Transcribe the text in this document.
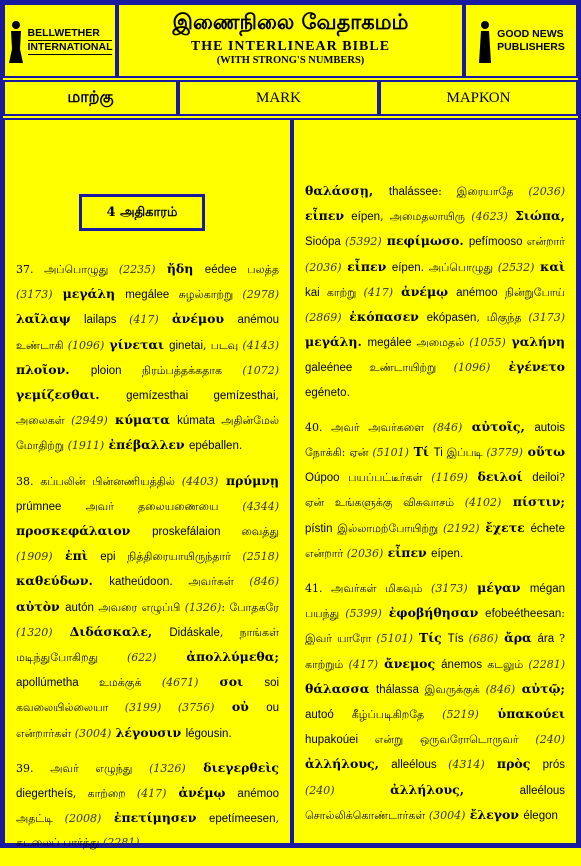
BELLWETHER
INTERNATIONAL
இணைநிலை வேதாகமம்
THE INTERLINEAR BIBLE
(WITH STRONG'S NUMBERS)
GOOD NEWS
PUBLISHERS
மாற்கு	MARK	ΜΑΡΚΟΝ
4 அதிகாரம்

37. அப்பொழுது (2235) ἤδη eédee பலத்த (3173) μεγάλη megálee சுழல்காற்று (2978) λαῖλαψ lailaps (417) ἀνέμου anémou உண்டாகி (1096) γίνεται ginetai, படவு (4143) πλοῖον. ploion நிரம்பத்தக்கதாக (1072) γεμίζεσθαι. gemízesthai gemízesthai, அலைகள் (2949) κύματα kúmata அதின்மேல் மோதிற்று (1911) ἐπέβαλλεν epéballen.

38. கப்பலின் பின்னணியத்தில் (4403) πρύμνῃ prúmnee அவர் தலையணையை (4344) προσκεφάλαιον proskefálaion வைத்து (1909) ἐπὶ epi நித்திரையாயிருந்தார் (2518) καθεύδων. katheúdoon. அவர்கள் (846) αὐτὸν autón அவரை எழுப்பி (1326): போதகரே (1320) Διδάσκαλε, Didáskale, நாங்கள் மடிந்துபோகிறது (622) ἀπολλύμεθα; apollúmetha உமக்குக் (4671) σοι soi கவலையில்லையா (3199) (3756) οὐ ou என்றார்கள் (3004) λέγουσιν légousin.

39. அவர் எழுந்து (1326) διεγερθεὶς diegertheís, காற்றை (417) ἀνέμῳ anémoo அதட்டி (2008) ἐπετίμησεν epetímeesen, கடலைப் பார்த்து (2281)

θαλάσσῃ, thalássee: இரையாதே (2036) εἶπεν eípen, அமைதலாயிரு (4623) Σιώπα, Sioópa (5392) πεφίμωσο. pefímooso என்றார் (2036) εἶπεν eípen. அப்பொழுது (2532) καὶ kai காற்று (417) ἀνέμῳ anémoo நின்றுபோய் (2869) ἐκόπασεν ekópasen, மிகுந்த (3173) μεγάλη. megálee அமைதல் (1055) γαλήνη galeénee உண்டாயிற்று (1096) ἐγένετο egéneto.

40. அவர் அவர்களை (846) αὐτοῖς, autois நோக்கி: ஏன் (5101) Τί Ti இப்படி (3779) οὕτω Oúpoo பயப்பட்டீர்கள் (1169) δειλοί deiloi? ஏன் உங்களுக்கு விசுவாசம் (4102) πίστιν; pístin இல்லாமற்போயிற்று (2192) ἔχετε échete என்றார் (2036) εἶπεν eípen.

41. அவர்கள் மிகவும் (3173) μέγαν mégan பயந்து (5399) ἐφοβήθησαν efobeétheesan: இவர் யாரோ (5101) Τίς Tís (686) ἄρα ára ? காற்றும் (417) ἄνεμος ánemos கடலும் (2281) θάλασσα thálassa இவருக்குக் (846) αὐτῷ; autoó கீழ்ப்படிகிறதே (5219) ὑπακούει hupakoúei என்று ஒருவரோடொருவர் (240) ἀλλήλους, alleélous (4314) πρὸς prós (240) ἀλλήλους, alleélous சொல்லிக்கொண்டார்கள் (3004) ἔλεγον élegon
